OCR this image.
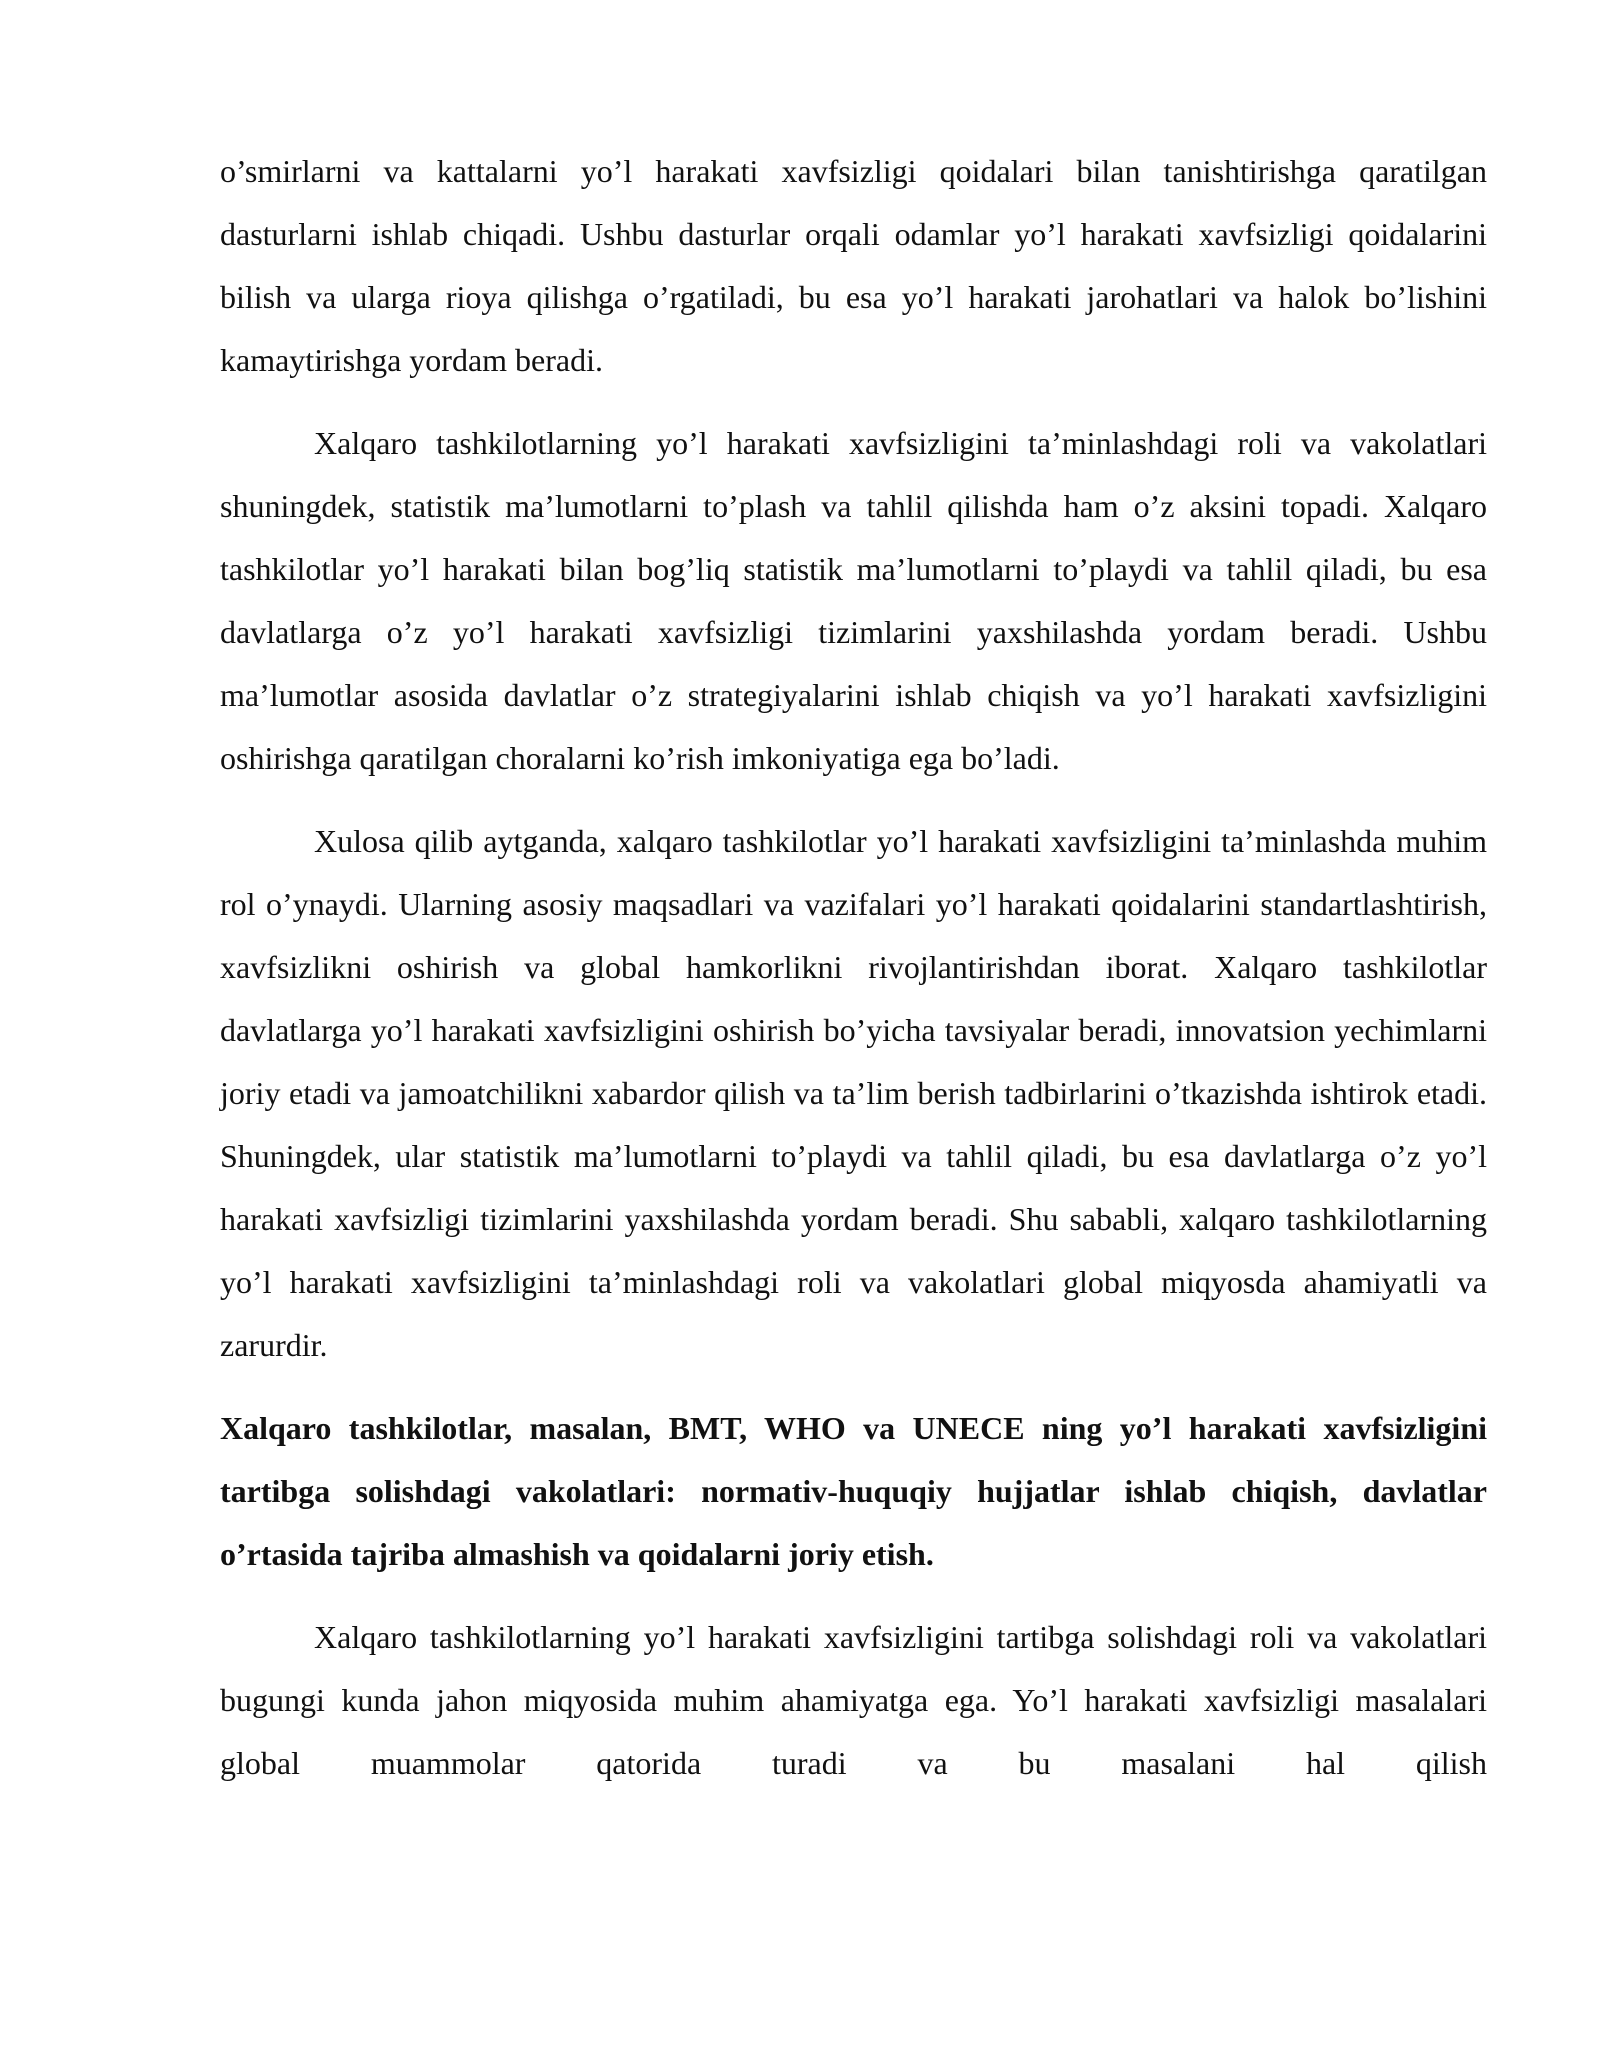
o’smirlarni va kattalarni yo’l harakati xavfsizligi qoidalari bilan tanishtirishga qaratilgan dasturlarni ishlab chiqadi. Ushbu dasturlar orqali odamlar yo’l harakati xavfsizligi qoidalarini bilish va ularga rioya qilishga o’rgatiladi, bu esa yo’l harakati jarohatlari va halok bo’lishini kamaytirishga yordam beradi.

Xalqaro tashkilotlarning yo’l harakati xavfsizligini ta’minlashdagi roli va vakolatlari shuningdek, statistik ma’lumotlarni to’plash va tahlil qilishda ham o’z aksini topadi. Xalqaro tashkilotlar yo’l harakati bilan bog’liq statistik ma’lumotlarni to’playdi va tahlil qiladi, bu esa davlatlarga o’z yo’l harakati xavfsizligi tizimlarini yaxshilashda yordam beradi. Ushbu ma’lumotlar asosida davlatlar o’z strategiyalarini ishlab chiqish va yo’l harakati xavfsizligini oshirishga qaratilgan choralarni ko’rish imkoniyatiga ega bo’ladi.

Xulosa qilib aytganda, xalqaro tashkilotlar yo’l harakati xavfsizligini ta’minlashda muhim rol o’ynaydi. Ularning asosiy maqsadlari va vazifalari yo’l harakati qoidalarini standartlashtirish, xavfsizlikni oshirish va global hamkorlikni rivojlantirishdan iborat. Xalqaro tashkilotlar davlatlarga yo’l harakati xavfsizligini oshirish bo’yicha tavsiyalar beradi, innovatsion yechimlarni joriy etadi va jamoatchilikni xabardor qilish va ta’lim berish tadbirlarini o’tkazishda ishtirok etadi. Shuningdek, ular statistik ma’lumotlarni to’playdi va tahlil qiladi, bu esa davlatlarga o’z yo’l harakati xavfsizligi tizimlarini yaxshilashda yordam beradi. Shu sababli, xalqaro tashkilotlarning yo’l harakati xavfsizligini ta’minlashdagi roli va vakolatlari global miqyosda ahamiyatli va zarurdir.

Xalqaro tashkilotlar, masalan, BMT, WHO va UNECE ning yo’l harakati xavfsizligini tartibga solishdagi vakolatlari: normativ-huquqiy hujjatlar ishlab chiqish, davlatlar o’rtasida tajriba almashish va qoidalarni joriy etish.

Xalqaro tashkilotlarning yo’l harakati xavfsizligini tartibga solishdagi roli va vakolatlari bugungi kunda jahon miqyosida muhim ahamiyatga ega. Yo’l harakati xavfsizligi masalalari global muammolar qatorida turadi va bu masalani hal qilish
